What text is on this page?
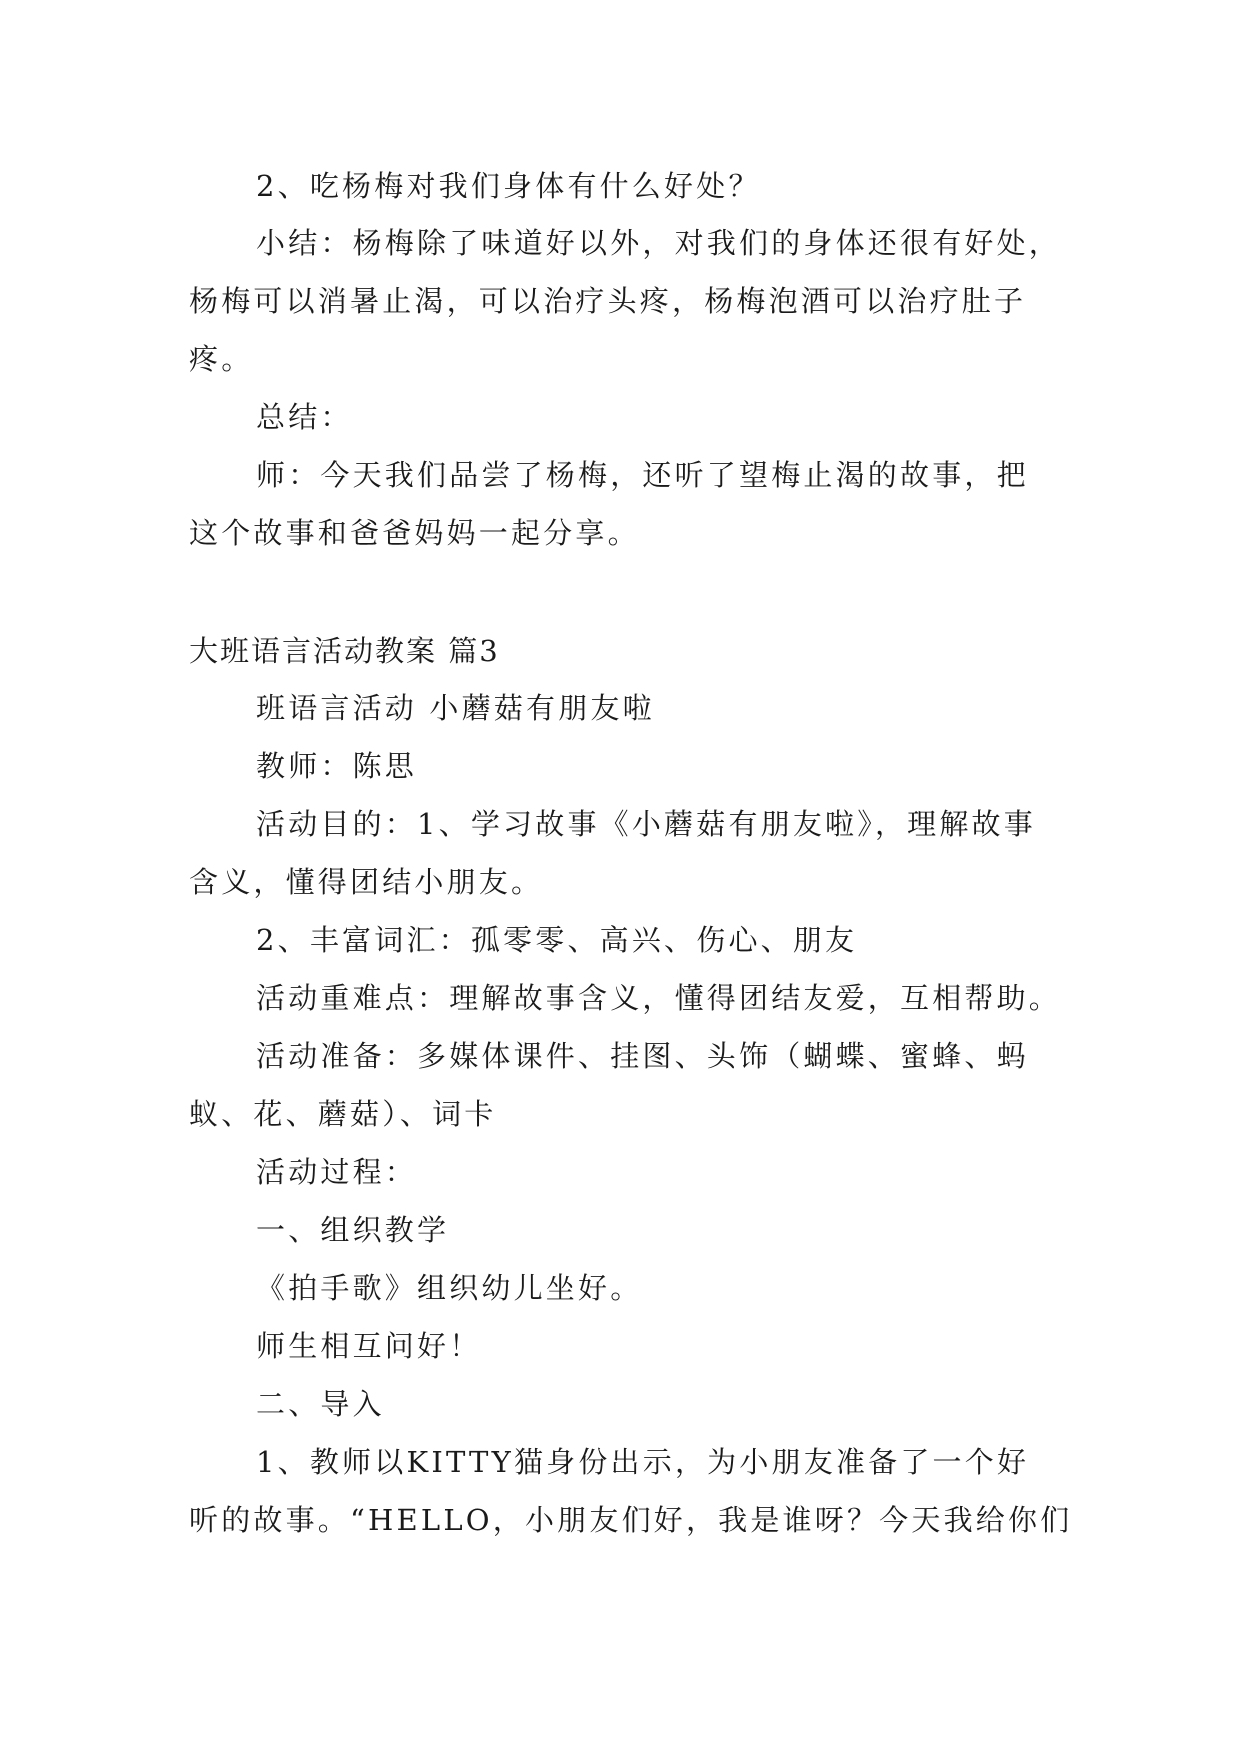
2、吃杨梅对我们身体有什么好处？
小结：杨梅除了味道好以外，对我们的身体还很有好处，
杨梅可以消暑止渴，可以治疗头疼，杨梅泡酒可以治疗肚子
疼。
总结：
师：今天我们品尝了杨梅，还听了望梅止渴的故事，把
这个故事和爸爸妈妈一起分享。
大班语言活动教案 篇3
班语言活动 小蘑菇有朋友啦
教师：陈思
活动目的：1、学习故事《小蘑菇有朋友啦》，理解故事
含义，懂得团结小朋友。
2、丰富词汇：孤零零、高兴、伤心、朋友
活动重难点：理解故事含义，懂得团结友爱，互相帮助。
活动准备：多媒体课件、挂图、头饰（蝴蝶、蜜蜂、蚂
蚁、花、蘑菇）、词卡
活动过程：
一、组织教学
《拍手歌》组织幼儿坐好。
师生相互问好！
二、导入
1、教师以KITTY猫身份出示，为小朋友准备了一个好
听的故事。“HELLO，小朋友们好，我是谁呀？今天我给你们
